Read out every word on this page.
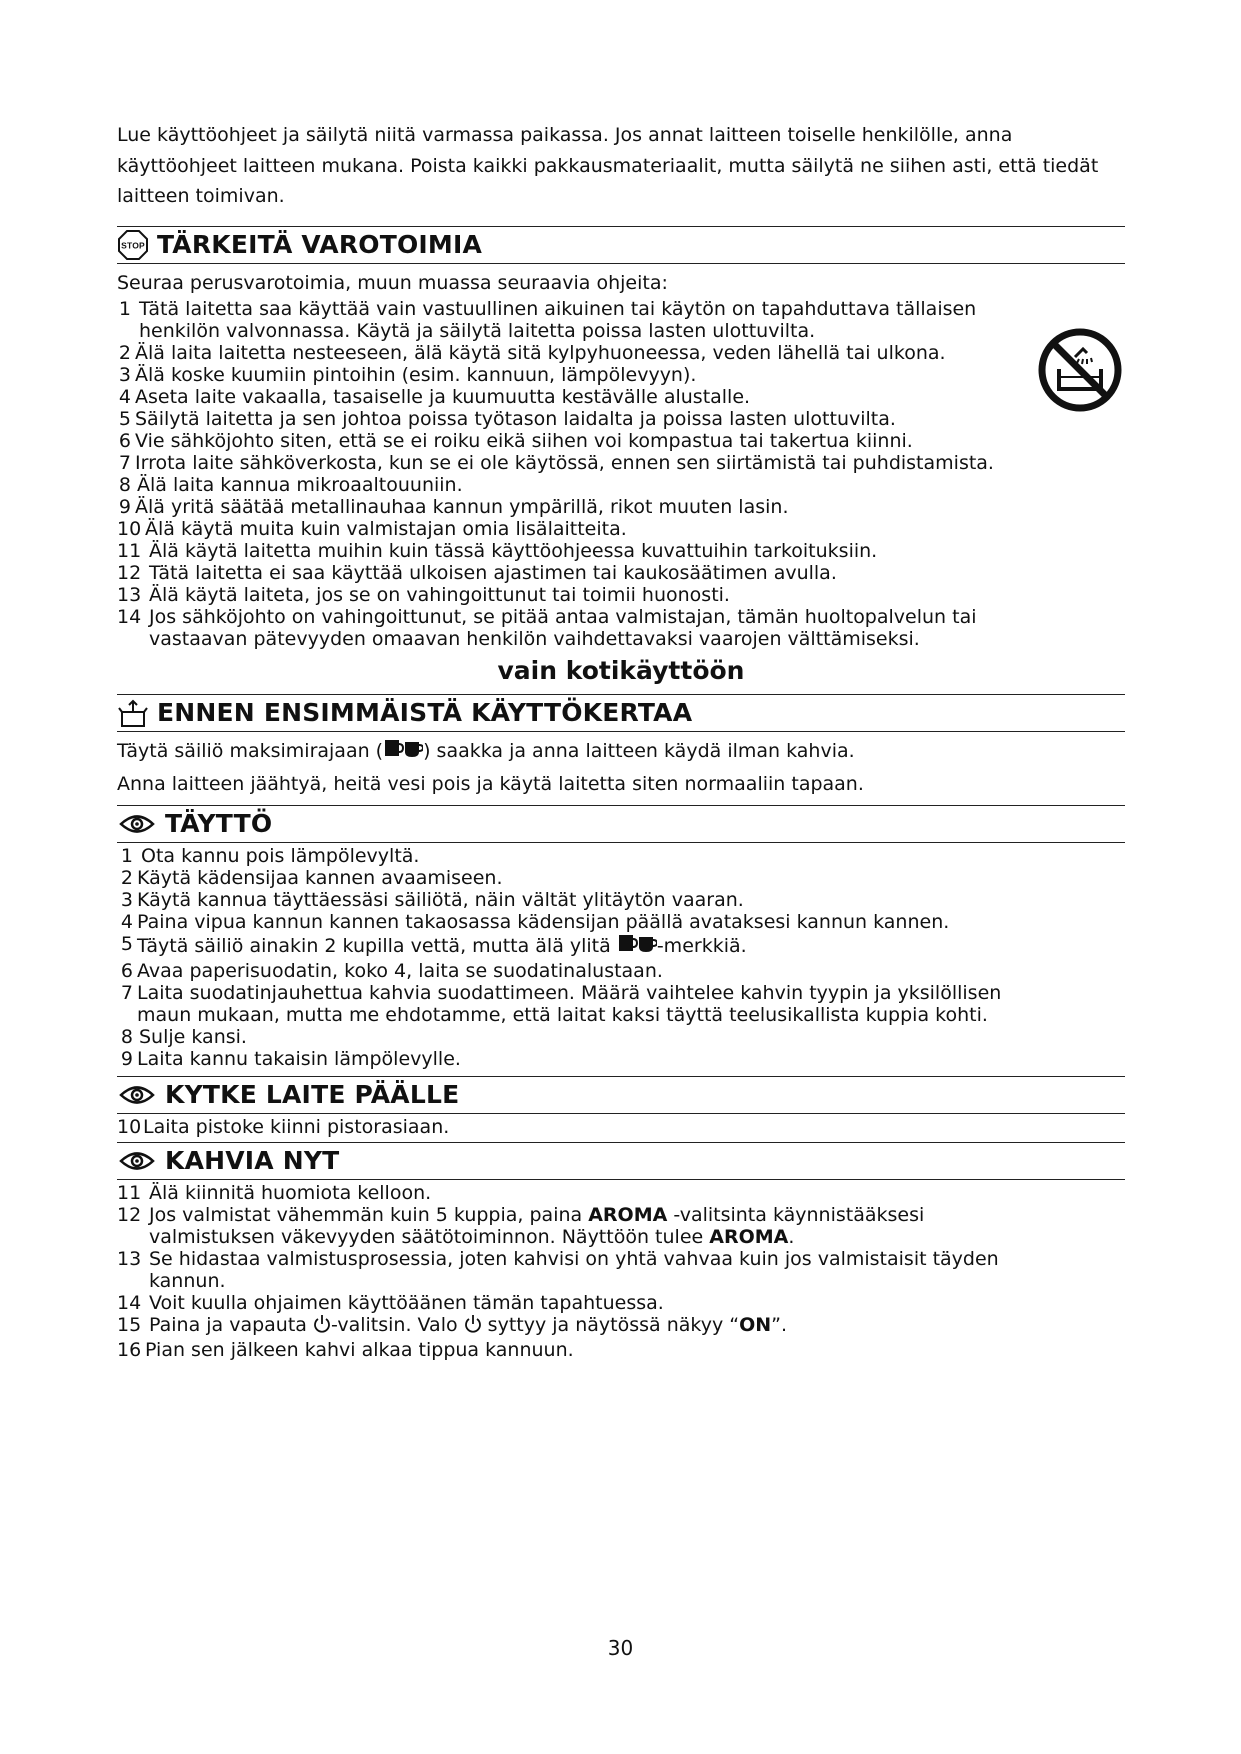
Lue käyttöohjeet ja säilytä niitä varmassa paikassa. Jos annat laitteen toiselle henkilölle, anna käyttöohjeet laitteen mukana. Poista kaikki pakkausmateriaalit, mutta säilytä ne siihen asti, että tiedät laitteen toimivan.

STOP TÄRKEITÄ VAROTOIMIA

Seuraa perusvarotoimia, muun muassa seuraavia ohjeita:

1 Tätä laitetta saa käyttää vain vastuullinen aikuinen tai käytön on tapahduttava tällaisen
henkilön valvonnassa. Käytä ja säilytä laitetta poissa lasten ulottuvilta.
2 Älä laita laitetta nesteeseen, älä käytä sitä kylpyhuoneessa, veden lähellä tai ulkona.
3 Älä koske kuumiin pintoihin (esim. kannuun, lämpölevyyn).
4 Aseta laite vakaalla, tasaiselle ja kuumuutta kestävälle alustalle.
5 Säilytä laitetta ja sen johtoa poissa työtason laidalta ja poissa lasten ulottuvilta.
6 Vie sähköjohto siten, että se ei roiku eikä siihen voi kompastua tai takertua kiinni.
7 Irrota laite sähköverkosta, kun se ei ole käytössä, ennen sen siirtämistä tai puhdistamista.
8 Älä laita kannua mikroaaltouuniin.
9 Älä yritä säätää metallinauhaa kannun ympärillä, rikot muuten lasin.
10 Älä käytä muita kuin valmistajan omia lisälaitteita.
11 Älä käytä laitetta muihin kuin tässä käyttöohjeessa kuvattuihin tarkoituksiin.
12 Tätä laitetta ei saa käyttää ulkoisen ajastimen tai kaukosäätimen avulla.
13 Älä käytä laiteta, jos se on vahingoittunut tai toimii huonosti.
14 Jos sähköjohto on vahingoittunut, se pitää antaa valmistajan, tämän huoltopalvelun tai
vastaavan pätevyyden omaavan henkilön vaihdettavaksi vaarojen välttämiseksi.
vain kotikäyttöön
ENNEN ENSIMMÄISTÄ KÄYTTÖKERTAA

Täytä säiliö maksimirajaan ( ) saakka ja anna laitteen käydä ilman kahvia.

Anna laitteen jäähtyä, heitä vesi pois ja käytä laitetta siten normaaliin tapaan.

TÄYTTÖ
1 Ota kannu pois lämpölevyltä.
2 Käytä kädensijaa kannen avaamiseen.
3 Käytä kannua täyttäessäsi säiliötä, näin vältät ylitäytön vaaran.
4 Paina vipua kannun kannen takaosassa kädensijan päällä avataksesi kannun kannen.
5 Täytä säiliö ainakin 2 kupilla vettä, mutta älä ylitä -merkkiä.
6 Avaa paperisuodatin, koko 4, laita se suodatinalustaan.
7 Laita suodatinjauhettua kahvia suodattimeen. Määrä vaihtelee kahvin tyypin ja yksilöllisen
maun mukaan, mutta me ehdotamme, että laitat kaksi täyttä teelusikallista kuppia kohti.
8 Sulje kansi.
9 Laita kannu takaisin lämpölevylle.
KYTKE LAITE PÄÄLLE
10 Laita pistoke kiinni pistorasiaan.
KAHVIA NYT
11 Älä kiinnitä huomiota kelloon.
12 Jos valmistat vähemmän kuin 5 kuppia, paina AROMA -valitsinta käynnistääksesi
valmistuksen väkevyyden säätötoiminnon. Näyttöön tulee AROMA.
13 Se hidastaa valmistusprosessia, joten kahvisi on yhtä vahvaa kuin jos valmistaisit täyden
kannun.
14 Voit kuulla ohjaimen käyttöäänen tämän tapahtuessa.
15 Paina ja vapauta -valitsin. Valo  syttyy ja näytössä näkyy “ON”.
16 Pian sen jälkeen kahvi alkaa tippua kannuun.
30
